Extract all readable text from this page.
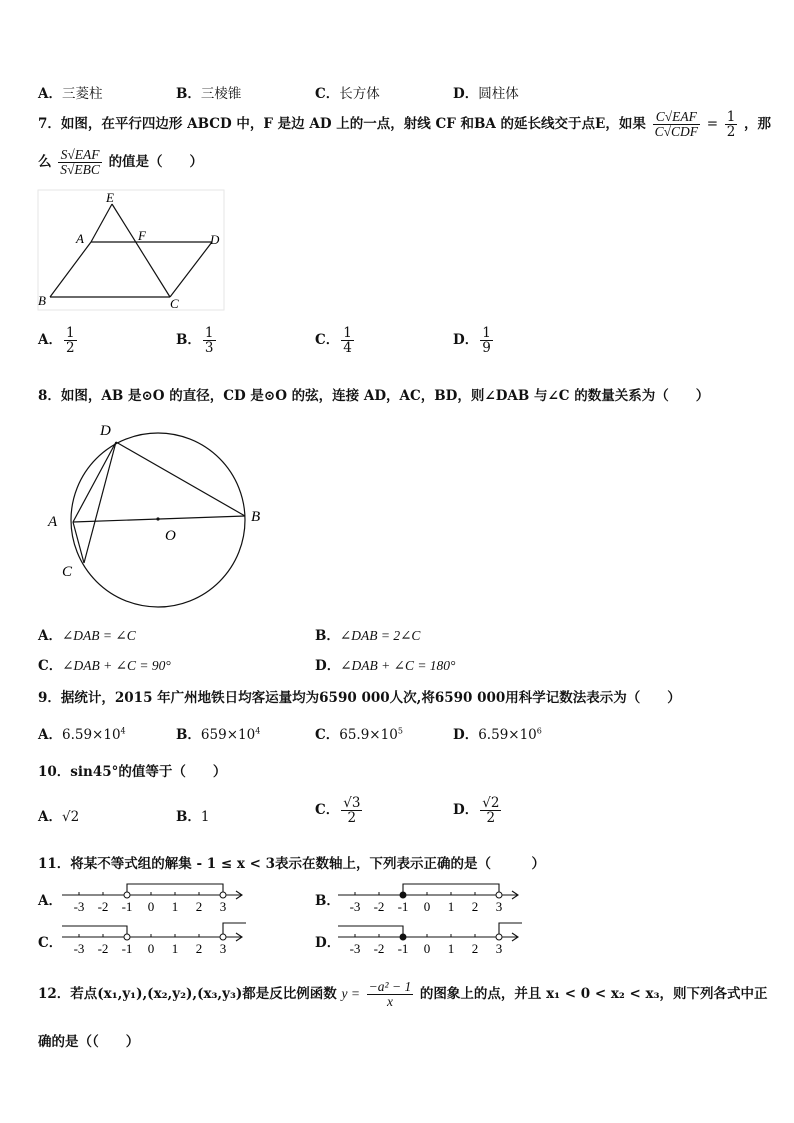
A．三菱柱	B．三棱锥	C．长方体	D．圆柱体
7．如图，在平行四边形 ABCD 中，F 是边 AD 上的一点，射线 CF 和BA 的延长线交于点E，如果 $\frac{\text{C√EAF}}{\text{C√CDF}} = \frac{1}{2}$ ，那
么 $\frac{\text{S√EAF}}{\text{S√EBC}}$ 的值是（　　）
E
A	F	D
B	C
A． $\frac{1}{2}$	B． $\frac{1}{3}$	C． $\frac{1}{4}$	D． $\frac{1}{9}$
8．如图，AB 是⊙O 的直径，CD 是⊙O 的弦，连接 AD，AC，BD，则∠DAB 与∠C 的数量关系为（　　）
D
A
O
B
C
A．∠DAB = ∠C	B．∠DAB = 2∠C
C．∠DAB + ∠C = 90°	D．∠DAB + ∠C = 180°
9．据统计，2015 年广州地铁日均客运量均为6590 000人次,将6590 000用科学记数法表示为（　　）
A．$6.59\times 10^4$	B．$659\times 10^4$	C．$65.9\times 10^5$	D．$6.59\times 10^6$
10．sin45°的值等于（　　）
A．√2	B．1	C． $\frac{√3}{2}$	D． $\frac{√2}{2}$
11．将某不等式组的解集 - 1 ≤ x < 3表示在数轴上，下列表示正确的是（　　　）
A．	B．
C．	D．
-3 -2 -1 0 1 2 3	-3 -2 -1 0 1 2 3
-3 -2 -1 0 1 2 3	-3 -2 -1 0 1 2 3
12．若点(x₁,y₁),(x₂,y₂),(x₃,y₃)都是反比例函数 $y = \frac{\text{−a² − 1}}{x}$ 的图象上的点，并且 x₁ < 0 < x₂ < x₃，则下列各式中正
确的是（（　　）
